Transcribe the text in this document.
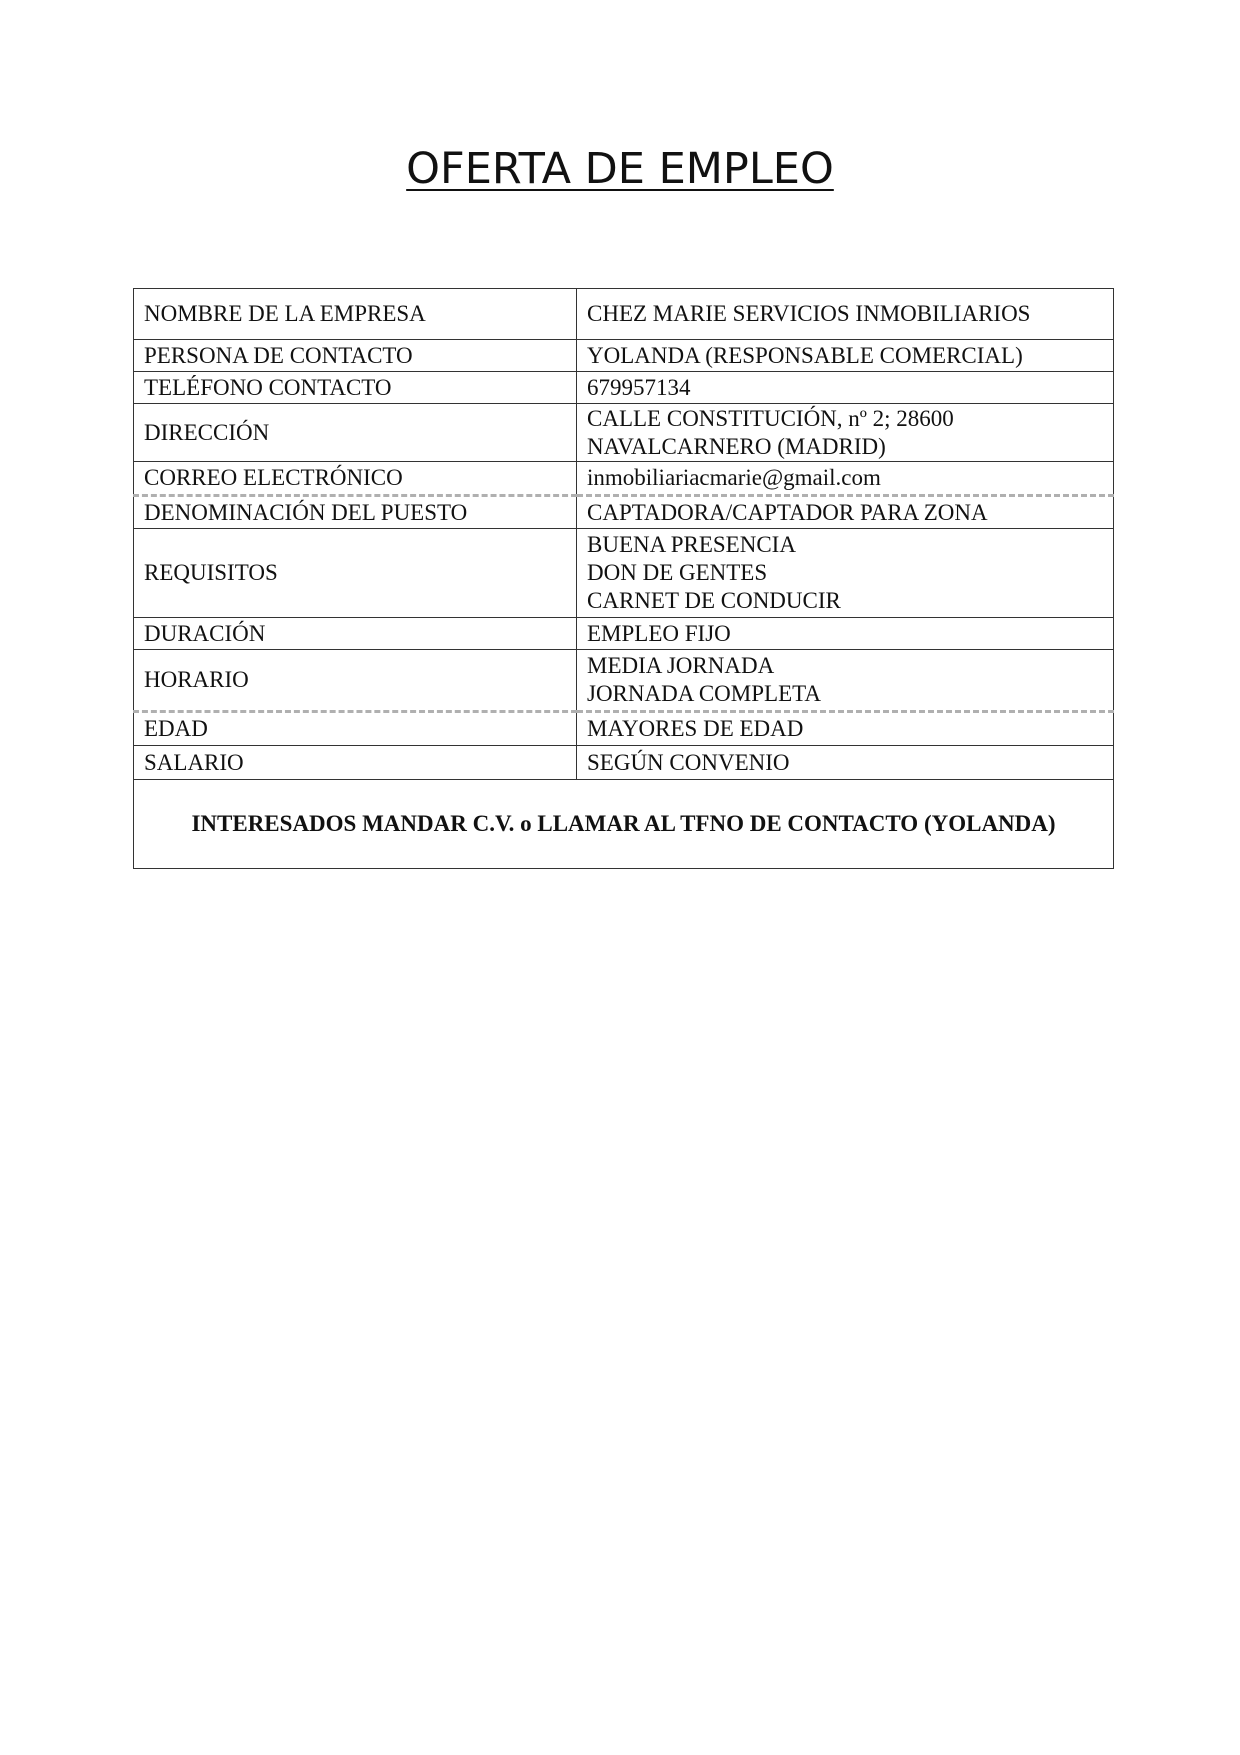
OFERTA DE EMPLEO
NOMBRE DE LA EMPRESA	CHEZ MARIE SERVICIOS INMOBILIARIOS

PERSONA DE CONTACTO	YOLANDA (RESPONSABLE COMERCIAL)

TELÉFONO CONTACTO	679957134

DIRECCIÓN	CALLE CONSTITUCIÓN, nº 2; 28600
NAVALCARNERO (MADRID)

CORREO ELECTRÓNICO	inmobiliariacmarie@gmail.com

DENOMINACIÓN DEL PUESTO	CAPTADORA/CAPTADOR PARA ZONA

REQUISITOS	BUENA PRESENCIA
DON DE GENTES
CARNET DE CONDUCIR

DURACIÓN	EMPLEO FIJO

HORARIO	MEDIA JORNADA
JORNADA COMPLETA

EDAD	MAYORES DE EDAD

SALARIO	SEGÚN CONVENIO

INTERESADOS MANDAR C.V. o LLAMAR AL TFNO DE CONTACTO (YOLANDA)	
